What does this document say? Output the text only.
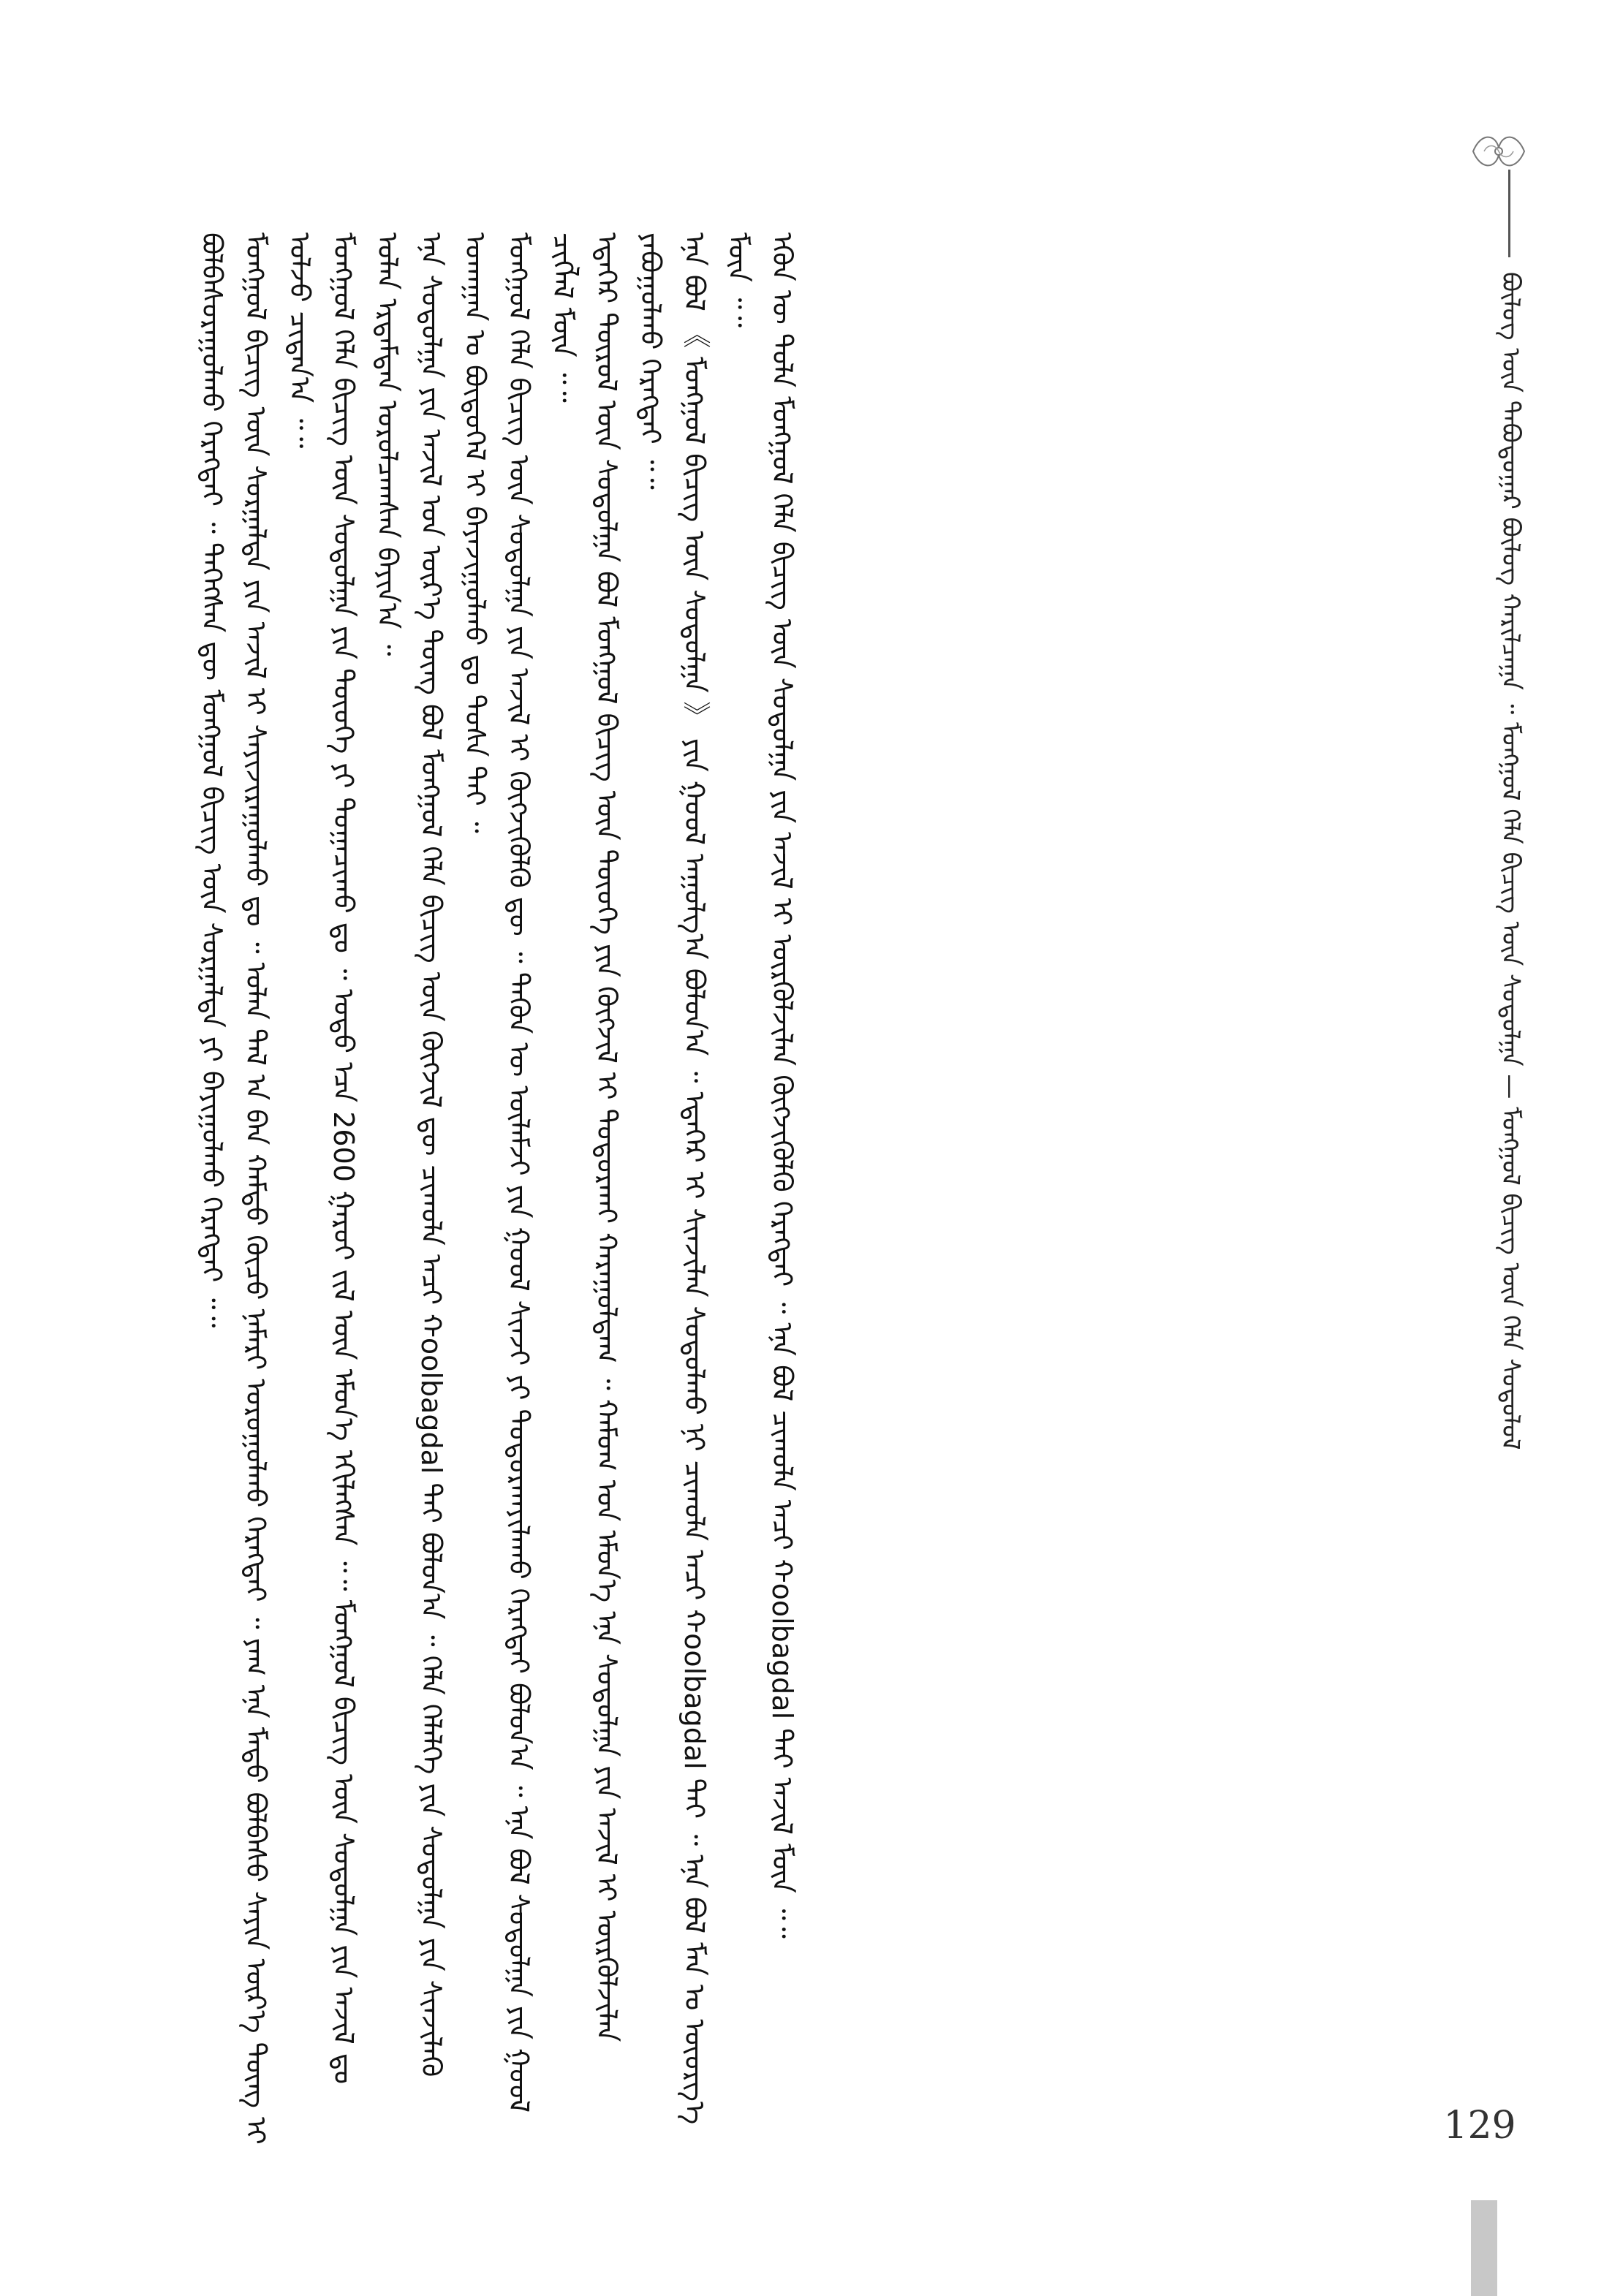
ᠪᠦᠯᠦᠭ ᠎ᠦᠨ ᠲᠠᠪᠤᠳᠤᠭᠠᠷ ᠪᠦᠯᠦᠭ ᠬᠠᠷᠢᠯᠴᠠᠭᠠ ᠃ ᠮᠣᠩᠭᠣᠯ ᠬᠡᠯᠡ ᠪᠢᠴᠢᠭ᠌ ᠦᠨ ᠰᠤᠳᠤᠯᠭᠠ — ᠮᠣᠩᠭᠣᠯ ᠪᠢᠴᠢᠭ᠌ ᠦᠨ ᠬᠡᠯᠡ ᠰᠤᠳᠤᠯᠤᠯ

ᠪᠣᠯᠪᠠᠰᠤᠷᠠᠭᠤᠯᠬᠤ ᠬᠡᠷᠡᠭᠲᠡᠢ ᠃ ᠲᠡᠭᠡᠭᠰᠡᠨ ᠳᠦ ᠮᠣᠩᠭᠣᠯ ᠪᠢᠴᠢᠭ᠌ ᠦᠨ ᠰᠤᠷᠭᠠᠯᠲᠠ ᠶᠢ ᠪᠠᠶᠢᠭᠤᠯᠬᠤ ᠬᠡᠷᠡᠭᠲᠡᠢ ᠃᠃ ᠮᠣᠩᠭᠣᠯ ᠪᠢᠴᠢᠭ᠌ ᠦᠨ ᠰᠤᠷᠭᠠᠯᠲᠠ ᠶᠢᠨ ᠠᠵᠢᠯ ᠢ ᠰᠠᠶᠢᠵᠢᠷᠠᠭᠤᠯᠬᠤ ᠳᠤ ᠃ ᠣᠯᠠᠨ ᠲᠠᠯ ᠠ ᠪᠠᠨ ᠬᠠᠮᠲᠤ ᠬᠦᠴᠦ ᠨᠡᠮᠡᠷᠢ ᠣᠷᠣᠭᠤᠯᠬᠤ ᠬᠡᠷᠡᠭᠲᠡᠢ ᠃ ᠶᠠᠭ ᠡᠨᠡ ᠮᠡᠲᠦ ᠪᠣᠯᠪᠠᠰᠤ ᠰᠠᠶᠢᠨ ᠦᠷ᠎ᠡ ᠳᠦᠩ ᠢ ᠣᠯᠵᠤ ᠴᠢᠳᠠᠨ᠎ᠠ ᠃᠃ ᠮᠣᠩᠭᠣᠯ ᠬᠡᠯᠡ ᠪᠢᠴᠢᠭ᠌ ᠦᠨ ᠰᠤᠳᠤᠯᠭᠠ ᠶᠢᠨ ᠲᠦᠦᠬᠡ ᠶᠢ ᠲᠣᠭᠠᠴᠢᠬᠤ ᠳᠤ ᠃ ᠣᠳᠣ ᠡᠴᠡ 2600 ᠭᠠᠷᠤᠢ ᠵᠢᠯ ᠦᠨ ᠡᠮᠦᠨ᠎ᠡ ᠡᠬᠢᠯᠡᠭᠰᠡᠨ ᠃᠃ ᠮᠣᠩᠭᠣᠯ ᠪᠢᠴᠢᠭ᠌ ᠦᠨ ᠰᠤᠳᠤᠯᠭᠠ ᠶᠢᠨ ᠠᠵᠢᠯ ᠳᠤ ᠣᠯᠠᠨ ᠡᠷᠳᠡᠮᠲᠡᠨ ᠣᠷᠣᠯᠴᠠᠭᠰᠠᠨ ᠪᠠᠶᠢᠨ᠎ᠠ ᠃ ᠡᠨᠡ ᠰᠤᠳᠤᠯᠭᠠ ᠶᠢᠨ ᠠᠵᠢᠯ ᠤᠨ ᠦᠷ᠎ᠡ ᠳᠦᠩ ᠪᠣᠯ ᠮᠣᠩᠭᠣᠯ ᠬᠡᠯᠡ ᠪᠢᠴᠢᠭ᠌ ᠦᠨ ᠬᠥᠭᠵᠢᠯ ᠳᠦ ᠴᠢᠬᠤᠯᠠ ᠠᠴᠢ ᠬoolbagdal ᠲᠠᠶ ᠪᠣᠯᠤᠨ᠎ᠠ ᠃ ᠬᠡᠯᠡ ᠬᠡᠯᠡᠯᠭᠡ ᠶᠢᠨ ᠰᠤᠳᠤᠯᠭᠠ ᠶᠢᠨ ᠰᠢᠨᠵᠢᠯᠡᠬᠦ ᠤᠬᠠᠭᠠᠨ ᠤ ᠪᠦᠲᠦᠭᠡᠯ ᠢ ᠪᠠᠶᠠᠵᠢᠭᠤᠯᠬᠤ ᠳᠤ ᠲᠤᠰᠠ ᠲᠠᠶ ᠃ ᠮᠣᠩᠭᠣᠯ ᠬᠡᠯᠡ ᠪᠢᠴᠢᠭ᠌ ᠦᠨ ᠰᠤᠳᠤᠯᠭᠠ ᠶᠢᠨ ᠠᠵᠢᠯ ᠢ ᠬᠥᠭᠵᠢᠭᠦᠯᠬᠦ ᠳᠦ ᠃ ᠲᠡᠭᠦᠨ ᠦ ᠦᠯᠡᠮᠵᠢ ᠶᠢᠨ ᠭᠣᠣᠯ ᠰᠢᠨᠵᠢ ᠶᠢ ᠲᠣᠳᠣᠷᠬᠠᠶᠢᠯᠠᠬᠤ ᠬᠡᠷᠡᠭᠲᠡᠢ ᠪᠣᠯᠤᠨ᠎ᠠ ᠃ ᠡᠨᠡ ᠪᠣᠯ ᠰᠤᠳᠤᠯᠭᠠ ᠶᠢᠨ ᠭᠣᠣᠯ ᠴᠢᠭᠯᠡᠯ ᠮᠥᠨ ᠃᠃ ᠡᠳᠡᠭᠡᠷ ᠲᠦᠷᠦᠯ ᠦᠨ ᠰᠤᠳᠤᠯᠭᠠ ᠪᠣᠯ ᠮᠣᠩᠭᠣᠯ ᠪᠢᠴᠢᠭ᠌ ᠦᠨ ᠲᠦᠦᠬᠡ ᠶᠢᠨ ᠬᠥᠭᠵᠢᠯ ᠢ ᠲᠣᠳᠣᠷᠬᠠᠢ ᠬᠠᠷᠠᠭᠤᠯᠳᠠᠭ ᠃ ᠬᠠᠮᠤᠭ ᠤᠨ ᠡᠮᠦᠨ᠎ᠡ ᠡᠨᠡ ᠰᠤᠳᠤᠯᠭᠠ ᠶᠢᠨ ᠠᠵᠢᠯ ᠢ ᠦᠷᠭᠦᠯᠵᠢᠯᠡᠨ ᠶᠠᠪᠤᠭᠤᠯᠬᠤ ᠬᠡᠷᠡᠭᠲᠡᠢ ᠃᠃ ᠡᠨᠡ ᠪᠣᠯ 《 ᠮᠣᠩᠭᠣᠯ ᠪᠢᠴᠢᠭ᠌ ᠦᠨ ᠰᠤᠳᠤᠯᠭᠠ 》 ᠶᠢᠨ ᠭᠣᠣᠯ ᠠᠭᠤᠯᠭ᠎ᠠ ᠪᠣᠯᠤᠨ᠎ᠠ ᠃ ᠡᠳᠡᠭᠡᠷ ᠢ ᠰᠢᠨᠵᠢᠯᠡᠨ ᠰᠤᠳᠤᠯᠬᠤ ᠨᠢ ᠴᠢᠬᠤᠯᠠ ᠠᠴᠢ ᠬoolbagdal ᠲᠠᠶ ᠃ ᠡᠨᠡ ᠪᠣᠯ ᠮᠠᠨ ᠤ ᠦᠦᠷᠭ᠎ᠡ ᠮᠥᠨ ᠃᠃ ᠡᠭᠦᠨ ᠦ ᠲᠤᠯᠠ ᠮᠣᠩᠭᠣᠯ ᠬᠡᠯᠡ ᠪᠢᠴᠢᠭ᠌ ᠦᠨ ᠰᠤᠳᠤᠯᠭᠠ ᠶᠢᠨ ᠠᠵᠢᠯ ᠢ ᠦᠷᠭᠦᠯᠵᠢᠯᠡᠨ ᠬᠥᠭᠵᠢᠭᠦᠯᠬᠦ ᠬᠡᠷᠡᠭᠲᠡᠢ ᠃ ᠡᠨᠡ ᠪᠣᠯ ᠴᠢᠬᠤᠯᠠ ᠠᠴᠢ ᠬoolbagdal ᠲᠠᠶ ᠠᠵᠢᠯ ᠮᠥᠨ ᠃᠃

129
